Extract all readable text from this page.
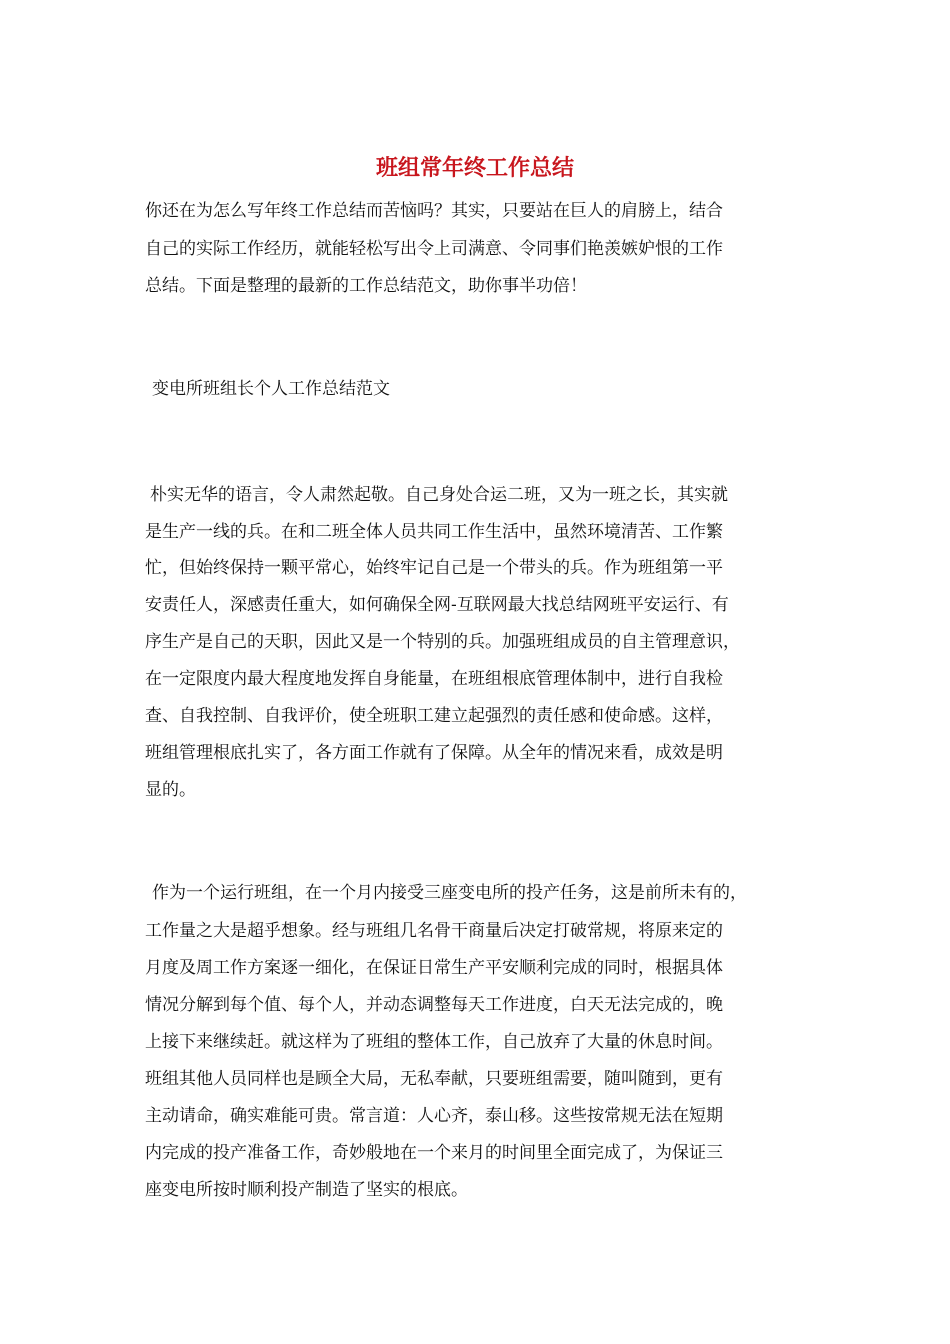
班组常年终工作总结
你还在为怎么写年终工作总结而苦恼吗？其实，只要站在巨人的肩膀上，结合
自己的实际工作经历，就能轻松写出令上司满意、令同事们艳羡嫉妒恨的工作
总结。下面是整理的最新的工作总结范文，助你事半功倍！
变电所班组长个人工作总结范文
朴实无华的语言，令人肃然起敬。自己身处合运二班，又为一班之长，其实就
是生产一线的兵。在和二班全体人员共同工作生活中，虽然环境清苦、工作繁
忙，但始终保持一颗平常心，始终牢记自己是一个带头的兵。作为班组第一平
安责任人，深感责任重大，如何确保全网-互联网最大找总结网班平安运行、有
序生产是自己的天职，因此又是一个特别的兵。加强班组成员的自主管理意识，
在一定限度内最大程度地发挥自身能量，在班组根底管理体制中，进行自我检
查、自我控制、自我评价，使全班职工建立起强烈的责任感和使命感。这样，
班组管理根底扎实了，各方面工作就有了保障。从全年的情况来看，成效是明
显的。
作为一个运行班组，在一个月内接受三座变电所的投产任务，这是前所未有的，
工作量之大是超乎想象。经与班组几名骨干商量后决定打破常规，将原来定的
月度及周工作方案逐一细化，在保证日常生产平安顺利完成的同时，根据具体
情况分解到每个值、每个人，并动态调整每天工作进度，白天无法完成的，晚
上接下来继续赶。就这样为了班组的整体工作，自己放弃了大量的休息时间。
班组其他人员同样也是顾全大局，无私奉献，只要班组需要，随叫随到，更有
主动请命，确实难能可贵。常言道：人心齐，泰山移。这些按常规无法在短期
内完成的投产准备工作，奇妙般地在一个来月的时间里全面完成了，为保证三
座变电所按时顺利投产制造了坚实的根底。
